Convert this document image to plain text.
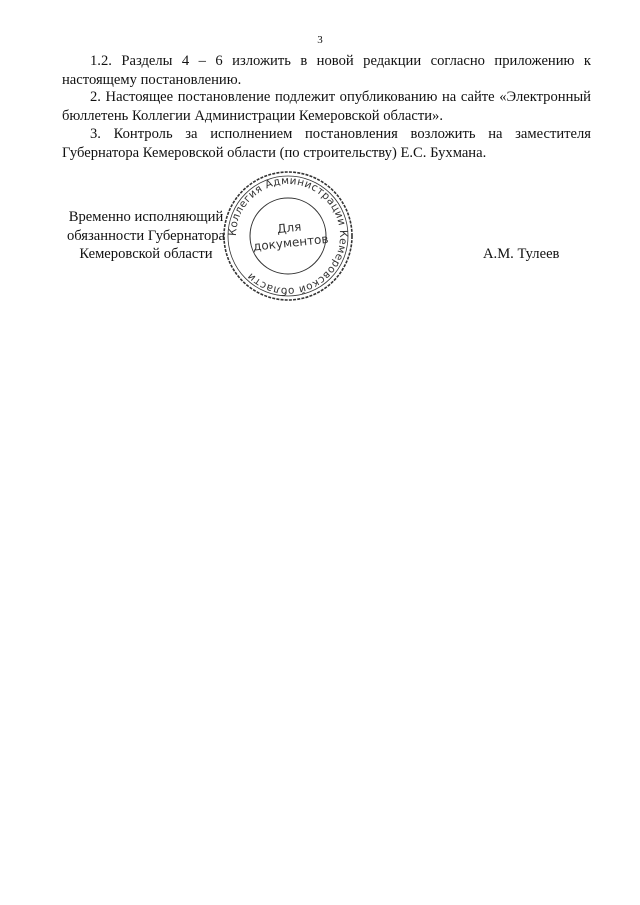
3

1.2. Разделы 4 – 6 изложить в новой редакции согласно приложению к настоящему постановлению.

2. Настоящее постановление подлежит опубликованию на сайте «Электронный бюллетень Коллегии Администрации Кемеровской области».

3. Контроль за исполнением постановления возложить на заместителя Губернатора Кемеровской области (по строительству) Е.С. Бухмана.

Временно исполняющий
обязанности Губернатора
Кемеровской области	А.М. Тулеев
Коллегия Администрации Кемеровской области
Для
документов
